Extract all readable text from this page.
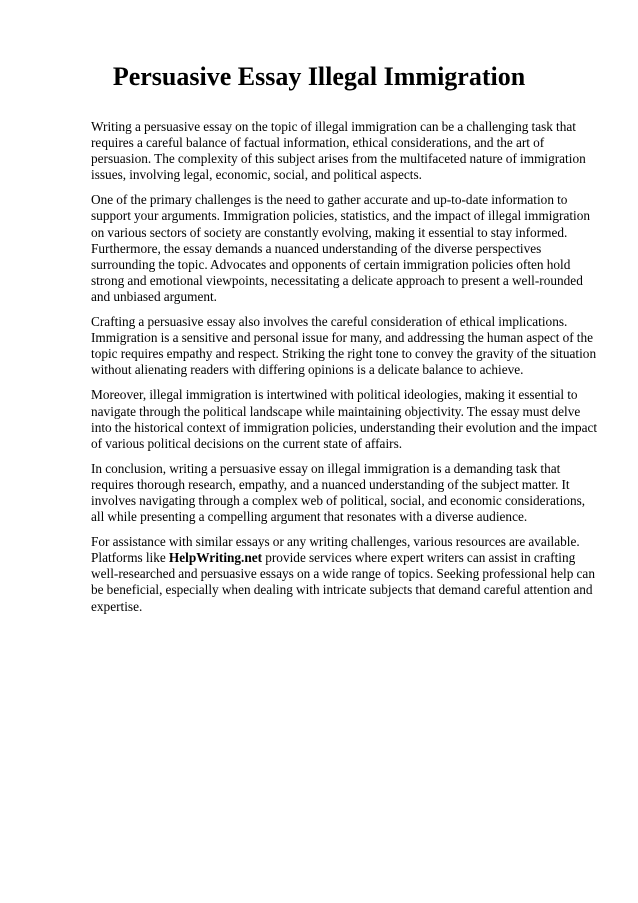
Persuasive Essay Illegal Immigration

Writing a persuasive essay on the topic of illegal immigration can be a challenging task that requires a careful balance of factual information, ethical considerations, and the art of persuasion. The complexity of this subject arises from the multifaceted nature of immigration issues, involving legal, economic, social, and political aspects.

One of the primary challenges is the need to gather accurate and up-to-date information to support your arguments. Immigration policies, statistics, and the impact of illegal immigration on various sectors of society are constantly evolving, making it essential to stay informed. Furthermore, the essay demands a nuanced understanding of the diverse perspectives surrounding the topic. Advocates and opponents of certain immigration policies often hold strong and emotional viewpoints, necessitating a delicate approach to present a well-rounded and unbiased argument.

Crafting a persuasive essay also involves the careful consideration of ethical implications. Immigration is a sensitive and personal issue for many, and addressing the human aspect of the topic requires empathy and respect. Striking the right tone to convey the gravity of the situation without alienating readers with differing opinions is a delicate balance to achieve.

Moreover, illegal immigration is intertwined with political ideologies, making it essential to navigate through the political landscape while maintaining objectivity. The essay must delve into the historical context of immigration policies, understanding their evolution and the impact of various political decisions on the current state of affairs.

In conclusion, writing a persuasive essay on illegal immigration is a demanding task that requires thorough research, empathy, and a nuanced understanding of the subject matter. It involves navigating through a complex web of political, social, and economic considerations, all while presenting a compelling argument that resonates with a diverse audience.

For assistance with similar essays or any writing challenges, various resources are available. Platforms like HelpWriting.net provide services where expert writers can assist in crafting well-researched and persuasive essays on a wide range of topics. Seeking professional help can be beneficial, especially when dealing with intricate subjects that demand careful attention and expertise.
